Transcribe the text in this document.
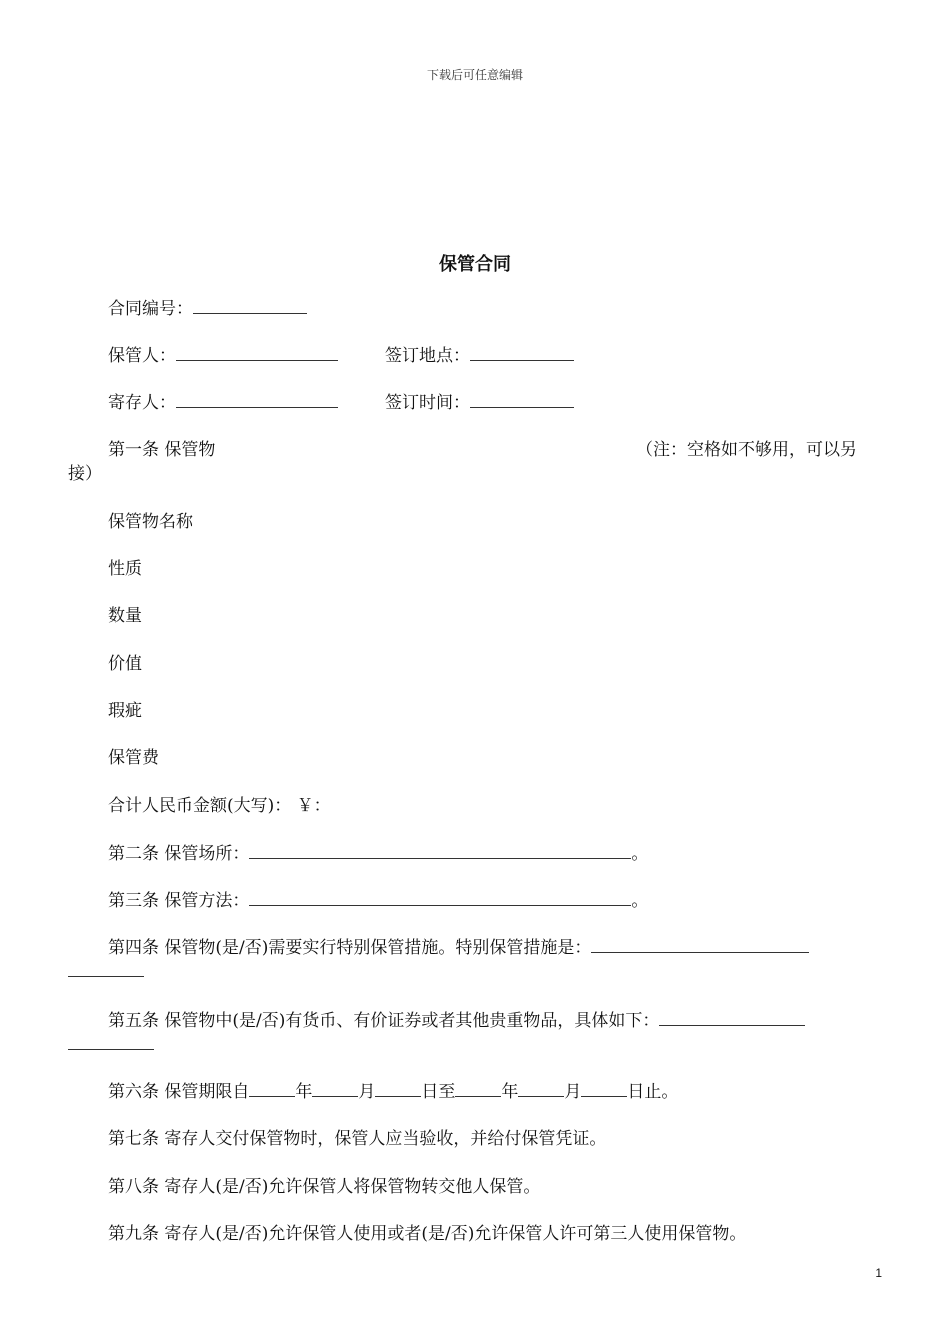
下载后可任意编辑
保管合同
合同编号：
保管人：	签订地点：
寄存人：	签订时间：
第一条 保管物	（注：空格如不够用，可以另
接）
保管物名称
性质
数量
价值
瑕疵
保管费
合计人民币金额(大写)： ￥：
第二条 保管场所：	。
第三条 保管方法：	。
第四条 保管物(是/否)需要实行特别保管措施。特别保管措施是：
第五条 保管物中(是/否)有货币、有价证券或者其他贵重物品，具体如下：
第六条 保管期限自	年	月	日至	年	月	日止。
第七条 寄存人交付保管物时，保管人应当验收，并给付保管凭证。
第八条 寄存人(是/否)允许保管人将保管物转交他人保管。
第九条 寄存人(是/否)允许保管人使用或者(是/否)允许保管人许可第三人使用保管物。
1
